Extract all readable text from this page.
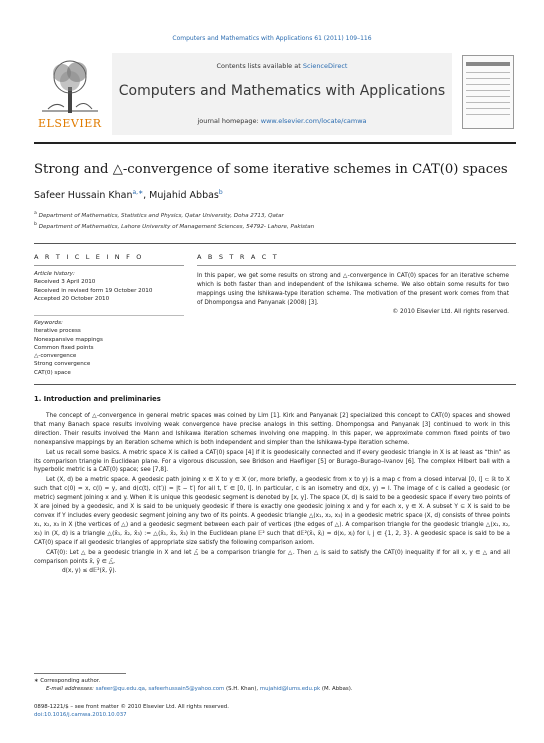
Computers and Mathematics with Applications 61 (2011) 109–116
ELSEVIER
Contents lists available at ScienceDirect
Computers and Mathematics with Applications
journal homepage: www.elsevier.com/locate/camwa
Strong and △-convergence of some iterative schemes in CAT(0) spaces
Safeer Hussain Khan$^{a,∗}$, Mujahid Abbas$^b$
$^a$ Department of Mathematics, Statistics and Physics, Qatar University, Doha 2713, Qatar
$^b$ Department of Mathematics, Lahore University of Management Sciences, 54792- Lahore, Pakistan
A R T I C L E I N F O
Article history:
Received 3 April 2010
Received in revised form 19 October 2010
Accepted 20 October 2010
Keywords:
Iterative process
Nonexpansive mappings
Common fixed points
△-convergence
Strong convergence
CAT(0) space
A B S T R A C T
In this paper, we get some results on strong and △-convergence in CAT(0) spaces for an iterative scheme which is both faster than and independent of the Ishikawa scheme. We also obtain some results for two mappings using the Ishikawa-type iteration scheme. The motivation of the present work comes from that of Dhompongsa and Panyanak (2008) [3].
© 2010 Elsevier Ltd. All rights reserved.
1. Introduction and preliminaries

The concept of △-convergence in general metric spaces was coined by Lim [1]. Kirk and Panyanak [2] specialized this concept to CAT(0) spaces and showed that many Banach space results involving weak convergence have precise analogs in this setting. Dhompongsa and Panyanak [3] continued to work in this direction. Their results involved the Mann and Ishikawa iteration schemes involving one mapping. In this paper, we approximate common fixed points of two nonexpansive mappings by an iteration scheme which is both independent and simpler than the Ishikawa-type iteration scheme.

Let us recall some basics. A metric space X is called a CAT(0) space [4] if it is geodesically connected and if every geodesic triangle in X is at least as “thin” as its comparison triangle in Euclidean plane. For a vigorous discussion, see Bridson and Haefliger [5] or Burago–Burago–Ivanov [6]. The complex Hilbert ball with a hyperbolic metric is a CAT(0) space; see [7,8].

Let (X, d) be a metric space. A geodesic path joining x ∈ X to y ∈ X (or, more briefly, a geodesic from x to y) is a map c from a closed interval [0, l] ⊂ ℝ to X such that c(0) = x, c(l) = y, and d(c(t), c(t′)) = |t − t′| for all t, t′ ∈ [0, l]. In particular, c is an isometry and d(x, y) = l. The image of c is called a geodesic (or metric) segment joining x and y. When it is unique this geodesic segment is denoted by [x, y]. The space (X, d) is said to be a geodesic space if every two points of X are joined by a geodesic, and X is said to be uniquely geodesic if there is exactly one geodesic joining x and y for each x, y ∈ X. A subset Y ⊆ X is said to be convex if Y includes every geodesic segment joining any two of its points. A geodesic triangle △(x₁, x₂, x₃) in a geodesic metric space (X, d) consists of three points x₁, x₂, x₃ in X (the vertices of △) and a geodesic segment between each pair of vertices (the edges of △). A comparison triangle for the geodesic triangle △(x₁, x₂, x₃) in (X, d) is a triangle △(x̄₁, x̄₂, x̄₃) := △(x̄₁, x̄₂, x̄₃) in the Euclidean plane 𝔼² such that d𝔼²(x̄ᵢ, x̄ⱼ) = d(xᵢ, xⱼ) for i, j ∈ {1, 2, 3}. A geodesic space is said to be a CAT(0) space if all geodesic triangles of appropriate size satisfy the following comparison axiom.

CAT(0): Let △ be a geodesic triangle in X and let △̄ be a comparison triangle for △. Then △ is said to satisfy the CAT(0) inequality if for all x, y ∈ △ and all comparison points x̄, ȳ ∈ △̄,

d(x, y) ≤ d𝔼²(x̄, ȳ).

∗ Corresponding author.
E-mail addresses: safeer@qu.edu.qa, safeerhussain5@yahoo.com (S.H. Khan), mujahid@lums.edu.pk (M. Abbas).
0898-1221/$ – see front matter © 2010 Elsevier Ltd. All rights reserved.
doi:10.1016/j.camwa.2010.10.037
